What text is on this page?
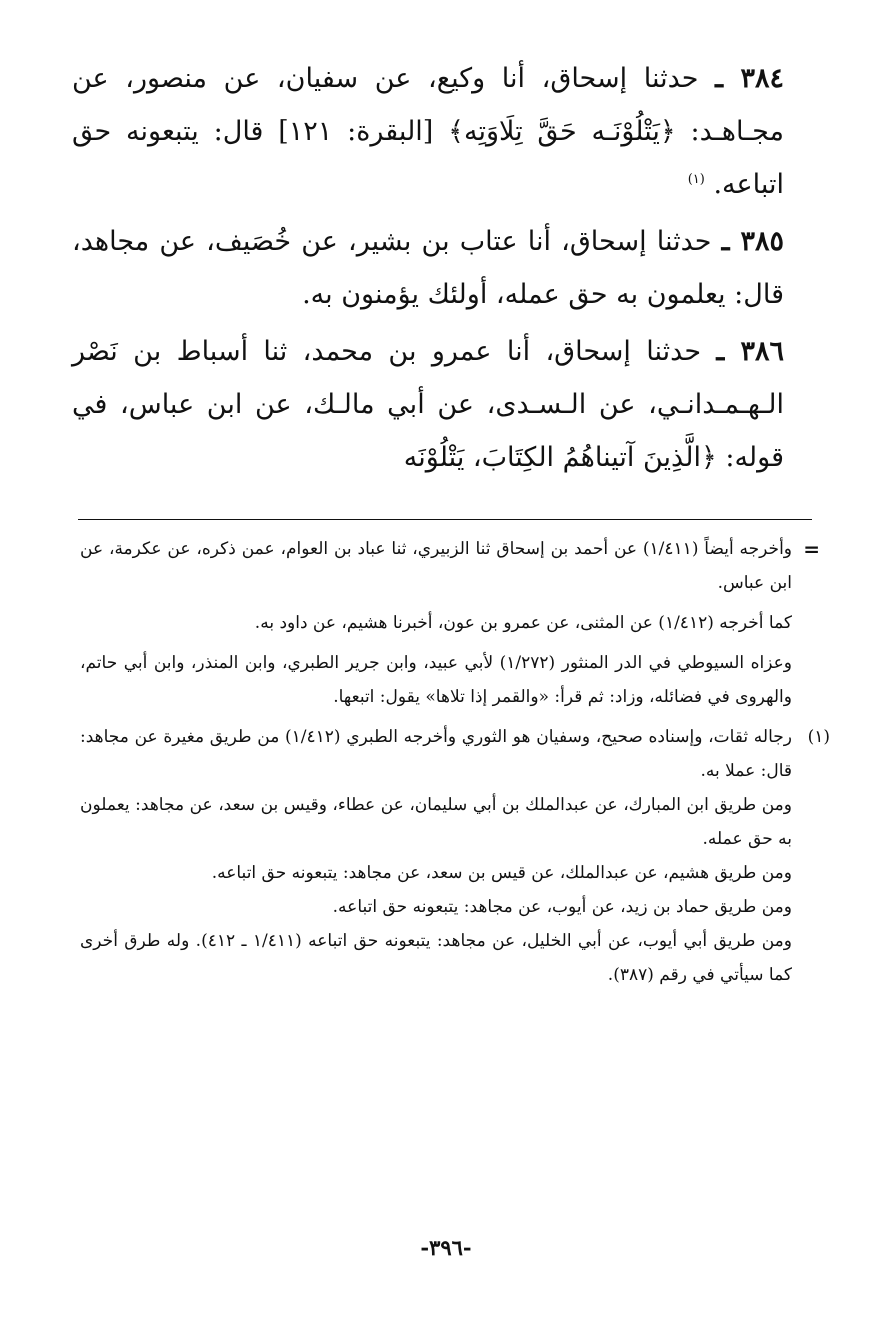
٣٨٤ ـ حدثنا إسحاق، أنا وكيع، عن سفيان، عن منصور، عن مجـاهـد: ﴿يَتْلُوْنَـه حَقَّ تِلَاوَتِه﴾ [البقرة: ١٢١] قال: يتبعونه حق اتباعه. $^{(١)}$

٣٨٥ ـ حدثنا إسحاق، أنا عتاب بن بشير، عن خُصَيف، عن مجاهد، قال: يعلمون به حق عمله، أولئك يؤمنون به.

٣٨٦ ـ حدثنا إسحاق، أنا عمرو بن محمد، ثنا أسباط بن نَصْر الـهـمـدانـي، عن الـسـدى، عن أبي مالـك، عن ابن عباس، في قوله: ﴿الَّذِينَ آتيناهُمُ الكِتَابَ، يَتْلُوْنَه

=

وأخرجه أيضاً (١/٤١١) عن أحمد بن إسحاق ثنا الزبيري، ثنا عباد بن العوام، عمن ذكره، عن عكرمة، عن ابن عباس.

كما أخرجه (١/٤١٢) عن المثنى، عن عمرو بن عون، أخبرنا هشيم، عن داود به.

وعزاه السيوطي في الدر المنثور (١/٢٧٢) لأبي عبيد، وابن جرير الطبري، وابن المنذر، وابن أبي حاتم، والهروى في فضائله، وزاد: ثم قرأ: «والقمر إذا تلاها» يقول: اتبعها.

(١)

رجاله ثقات، وإسناده صحيح، وسفيان هو الثوري وأخرجه الطبري (١/٤١٢) من طريق مغيرة عن مجاهد: قال: عملا به.

ومن طريق ابن المبارك، عن عبدالملك بن أبي سليمان، عن عطاء، وقيس بن سعد، عن مجاهد: يعملون به حق عمله.

ومن طريق هشيم، عن عبدالملك، عن قيس بن سعد، عن مجاهد: يتبعونه حق اتباعه.

ومن طريق حماد بن زيد، عن أيوب، عن مجاهد: يتبعونه حق اتباعه.

ومن طريق أبي أيوب، عن أبي الخليل، عن مجاهد: يتبعونه حق اتباعه (١/٤١١ ـ ٤١٢). وله طرق أخرى كما سيأتي في رقم (٣٨٧).

-٣٩٦-
